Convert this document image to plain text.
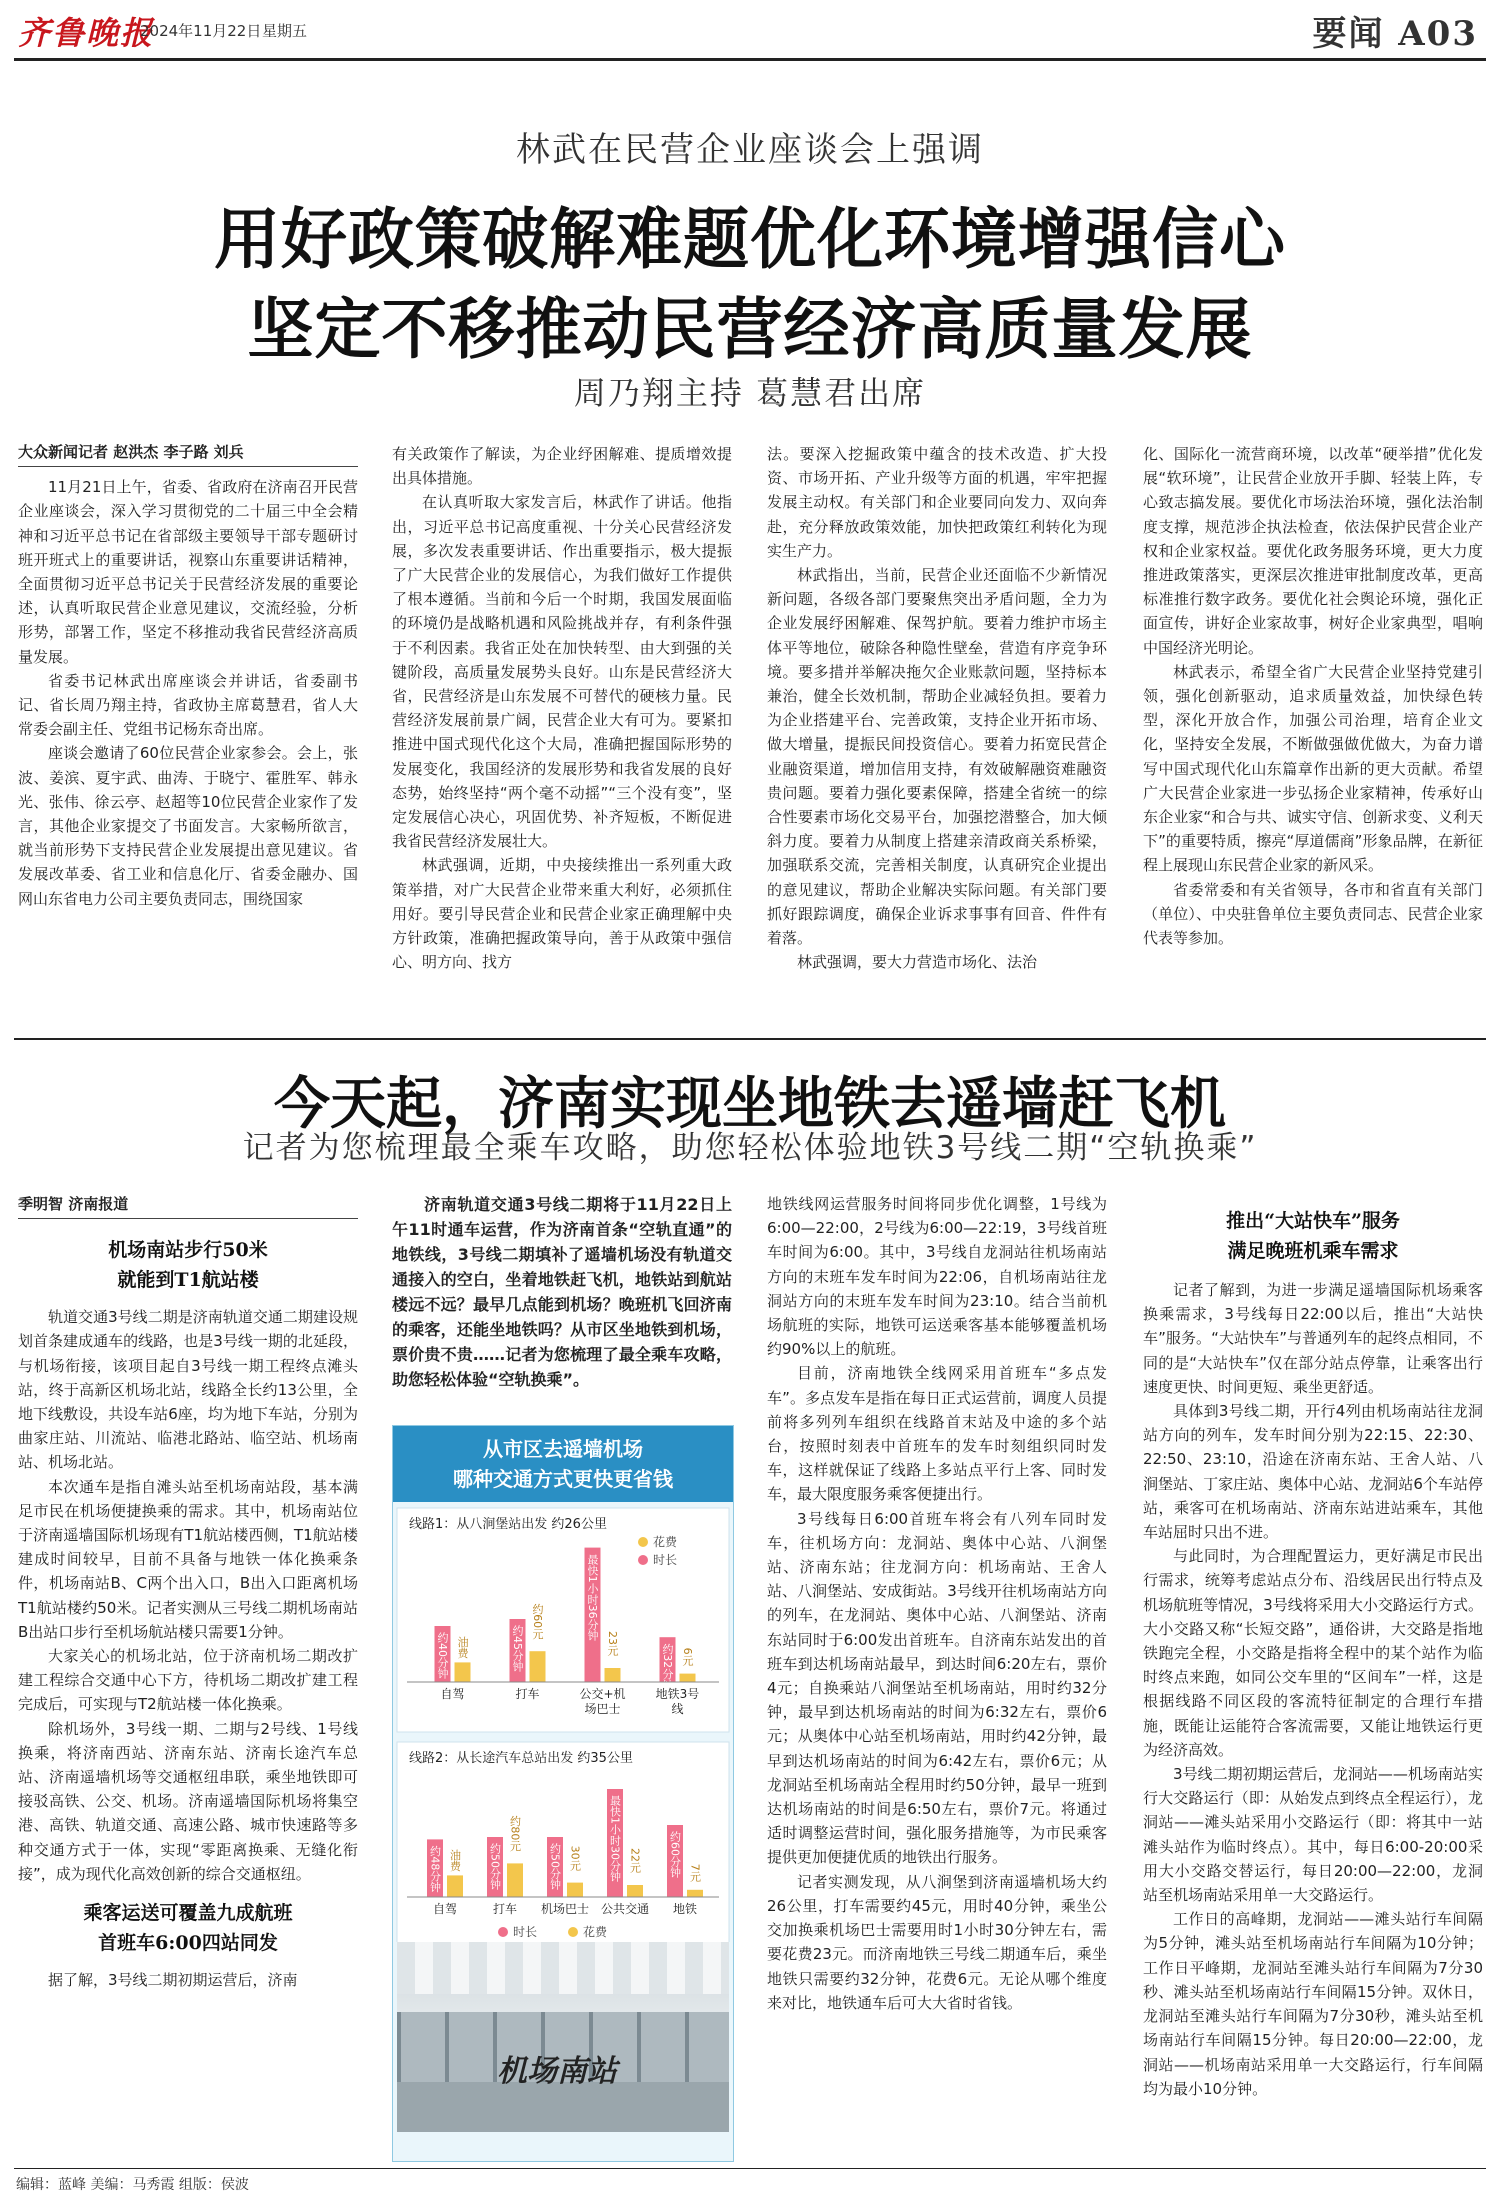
齐鲁晚报
2024年11月22日 星期五	要闻 A03
林武在民营企业座谈会上强调
用好政策破解难题优化环境增强信心
坚定不移推动民营经济高质量发展
周乃翔主持 葛慧君出席

大众新闻记者 赵洪杰 李子路 刘兵

11月21日上午，省委、省政府在济南召开民营企业座谈会，深入学习贯彻党的二十届三中全会精神和习近平总书记在省部级主要领导干部专题研讨班开班式上的重要讲话，视察山东重要讲话精神，全面贯彻习近平总书记关于民营经济发展的重要论述，认真听取民营企业意见建议，交流经验，分析形势，部署工作，坚定不移推动我省民营经济高质量发展。

省委书记林武出席座谈会并讲话，省委副书记、省长周乃翔主持，省政协主席葛慧君，省人大常委会副主任、党组书记杨东奇出席。

座谈会邀请了60位民营企业家参会。会上，张波、姜滨、夏宇武、曲涛、于晓宁、霍胜军、韩永光、张伟、徐云亭、赵超等10位民营企业家作了发言，其他企业家提交了书面发言。大家畅所欲言，就当前形势下支持民营企业发展提出意见建议。省发展改革委、省工业和信息化厅、省委金融办、国网山东省电力公司主要负责同志，围绕国家

有关政策作了解读，为企业纾困解难、提质增效提出具体措施。

在认真听取大家发言后，林武作了讲话。他指出，习近平总书记高度重视、十分关心民营经济发展，多次发表重要讲话、作出重要指示，极大提振了广大民营企业的发展信心，为我们做好工作提供了根本遵循。当前和今后一个时期，我国发展面临的环境仍是战略机遇和风险挑战并存，有利条件强于不利因素。我省正处在加快转型、由大到强的关键阶段，高质量发展势头良好。山东是民营经济大省，民营经济是山东发展不可替代的硬核力量。民营经济发展前景广阔，民营企业大有可为。要紧扣推进中国式现代化这个大局，准确把握国际形势的发展变化，我国经济的发展形势和我省发展的良好态势，始终坚持“两个毫不动摇”“三个没有变”，坚定发展信心决心，巩固优势、补齐短板，不断促进我省民营经济发展壮大。

林武强调，近期，中央接续推出一系列重大政策举措，对广大民营企业带来重大利好，必须抓住用好。要引导民营企业和民营企业家正确理解中央方针政策，准确把握政策导向，善于从政策中强信心、明方向、找方

法。要深入挖掘政策中蕴含的技术改造、扩大投资、市场开拓、产业升级等方面的机遇，牢牢把握发展主动权。有关部门和企业要同向发力、双向奔赴，充分释放政策效能，加快把政策红利转化为现实生产力。

林武指出，当前，民营企业还面临不少新情况新问题，各级各部门要聚焦突出矛盾问题，全力为企业发展纾困解难、保驾护航。要着力维护市场主体平等地位，破除各种隐性壁垒，营造有序竞争环境。要多措并举解决拖欠企业账款问题，坚持标本兼治，健全长效机制，帮助企业减轻负担。要着力为企业搭建平台、完善政策，支持企业开拓市场、做大增量，提振民间投资信心。要着力拓宽民营企业融资渠道，增加信用支持，有效破解融资难融资贵问题。要着力强化要素保障，搭建全省统一的综合性要素市场化交易平台，加强挖潜整合，加大倾斜力度。要着力从制度上搭建亲清政商关系桥梁，加强联系交流，完善相关制度，认真研究企业提出的意见建议，帮助企业解决实际问题。有关部门要抓好跟踪调度，确保企业诉求事事有回音、件件有着落。

林武强调，要大力营造市场化、法治

化、国际化一流营商环境，以改革“硬举措”优化发展“软环境”，让民营企业放开手脚、轻装上阵，专心致志搞发展。要优化市场法治环境，强化法治制度支撑，规范涉企执法检查，依法保护民营企业产权和企业家权益。要优化政务服务环境，更大力度推进政策落实，更深层次推进审批制度改革，更高标准推行数字政务。要优化社会舆论环境，强化正面宣传，讲好企业家故事，树好企业家典型，唱响中国经济光明论。

林武表示，希望全省广大民营企业坚持党建引领，强化创新驱动，追求质量效益，加快绿色转型，深化开放合作，加强公司治理，培育企业文化，坚持安全发展，不断做强做优做大，为奋力谱写中国式现代化山东篇章作出新的更大贡献。希望广大民营企业家进一步弘扬企业家精神，传承好山东企业家“和合与共、诚实守信、创新求变、义利天下”的重要特质，擦亮“厚道儒商”形象品牌，在新征程上展现山东民营企业家的新风采。

省委常委和有关省领导，各市和省直有关部门（单位）、中央驻鲁单位主要负责同志、民营企业家代表等参加。

今天起，济南实现坐地铁去遥墙赶飞机
记者为您梳理最全乘车攻略，助您轻松体验地铁3号线二期“空轨换乘”

季明智 济南报道

机场南站步行50米
就能到T1航站楼

轨道交通3号线二期是济南轨道交通二期建设规划首条建成通车的线路，也是3号线一期的北延段，与机场衔接，该项目起自3号线一期工程终点滩头站，终于高新区机场北站，线路全长约13公里，全地下线敷设，共设车站6座，均为地下车站，分别为曲家庄站、川流站、临港北路站、临空站、机场南站、机场北站。

本次通车是指自滩头站至机场南站段，基本满足市民在机场便捷换乘的需求。其中，机场南站位于济南遥墙国际机场现有T1航站楼西侧，T1航站楼建成时间较早，目前不具备与地铁一体化换乘条件，机场南站B、C两个出入口，B出入口距离机场T1航站楼约50米。记者实测从三号线二期机场南站B出站口步行至机场航站楼只需要1分钟。

大家关心的机场北站，位于济南机场二期改扩建工程综合交通中心下方，待机场二期改扩建工程完成后，可实现与T2航站楼一体化换乘。

除机场外，3号线一期、二期与2号线、1号线换乘，将济南西站、济南东站、济南长途汽车总站、济南遥墙机场等交通枢纽串联，乘坐地铁即可接驳高铁、公交、机场。济南遥墙国际机场将集空港、高铁、轨道交通、高速公路、城市快速路等多种交通方式于一体，实现“零距离换乘、无缝化衔接”，成为现代化高效创新的综合交通枢纽。

乘客运送可覆盖九成航班
首班车6:00四站同发

据了解，3号线二期初期运营后，济南

济南轨道交通3号线二期将于11月22日上午11时通车运营，作为济南首条“空轨直通”的地铁线，3号线二期填补了遥墙机场没有轨道交通接入的空白，坐着地铁赶飞机，地铁站到航站楼远不远？最早几点能到机场？晚班机飞回济南的乘客，还能坐地铁吗？从市区坐地铁到机场，票价贵不贵……记者为您梳理了最全乘车攻略，助您轻松体验“空轨换乘”。

从市区去遥墙机场
哪种交通方式更快更省钱
线路1：从八涧堡站出发 约26公里
约40分钟 油费
自驾
约45分钟
约60元
打车
最快1小时36分钟
23元
公交+机
场巴士
约32分钟 6元
地铁3号
线
花费
时长
线路2：从长途汽车总站出发 约35公里
约48分钟 油费
自驾
约50分钟
约80元
打车
约50分钟 30元
机场巴士
最快1小时30分钟 22元
公共交通
约60分钟 7元
地铁
时长	花费
机场南站

地铁线网运营服务时间将同步优化调整，1号线为6:00—22:00，2号线为6:00—22:19，3号线首班车时间为6:00。其中，3号线自龙洞站往机场南站方向的末班车发车时间为22:06，自机场南站往龙洞站方向的末班车发车时间为23:10。结合当前机场航班的实际，地铁可运送乘客基本能够覆盖机场约90%以上的航班。

目前，济南地铁全线网采用首班车“多点发车”。多点发车是指在每日正式运营前，调度人员提前将多列列车组织在线路首末站及中途的多个站台，按照时刻表中首班车的发车时刻组织同时发车，这样就保证了线路上多站点平行上客、同时发车，最大限度服务乘客便捷出行。

3号线每日6:00首班车将会有八列车同时发车，往机场方向：龙洞站、奥体中心站、八涧堡站、济南东站；往龙洞方向：机场南站、王舍人站、八涧堡站、安成街站。3号线开往机场南站方向的列车，在龙洞站、奥体中心站、八涧堡站、济南东站同时于6:00发出首班车。自济南东站发出的首班车到达机场南站最早，到达时间6:20左右，票价4元；自换乘站八涧堡站至机场南站，用时约32分钟，最早到达机场南站的时间为6:32左右，票价6元；从奥体中心站至机场南站，用时约42分钟，最早到达机场南站的时间为6:42左右，票价6元；从龙洞站至机场南站全程用时约50分钟，最早一班到达机场南站的时间是6:50左右，票价7元。将通过适时调整运营时间，强化服务措施等，为市民乘客提供更加便捷优质的地铁出行服务。

记者实测发现，从八涧堡到济南遥墙机场大约26公里，打车需要约45元，用时40分钟，乘坐公交加换乘机场巴士需要用时1小时30分钟左右，需要花费23元。而济南地铁三号线二期通车后，乘坐地铁只需要约32分钟，花费6元。无论从哪个维度来对比，地铁通车后可大大省时省钱。

推出“大站快车”服务
满足晚班机乘车需求

记者了解到，为进一步满足遥墙国际机场乘客换乘需求，3号线每日22:00以后，推出“大站快车”服务。“大站快车”与普通列车的起终点相同，不同的是“大站快车”仅在部分站点停靠，让乘客出行速度更快、时间更短、乘坐更舒适。

具体到3号线二期，开行4列由机场南站往龙洞站方向的列车，发车时间分别为22:15、22:30、22:50、23:10，沿途在济南东站、王舍人站、八涧堡站、丁家庄站、奥体中心站、龙洞站6个车站停站，乘客可在机场南站、济南东站进站乘车，其他车站屈时只出不进。

与此同时，为合理配置运力，更好满足市民出行需求，统筹考虑站点分布、沿线居民出行特点及机场航班等情况，3号线将采用大小交路运行方式。大小交路又称“长短交路”，通俗讲，大交路是指地铁跑完全程，小交路是指将全程中的某个站作为临时终点来跑，如同公交车里的“区间车”一样，这是根据线路不同区段的客流特征制定的合理行车措施，既能让运能符合客流需要，又能让地铁运行更为经济高效。

3号线二期初期运营后，龙洞站——机场南站实行大交路运行（即：从始发点到终点全程运行），龙洞站——滩头站采用小交路运行（即：将其中一站滩头站作为临时终点）。其中，每日6:00-20:00采用大小交路交替运行，每日20:00—22:00，龙洞站至机场南站采用单一大交路运行。

工作日的高峰期，龙洞站——滩头站行车间隔为5分钟，滩头站至机场南站行车间隔为10分钟；工作日平峰期，龙洞站至滩头站行车间隔为7分30秒、滩头站至机场南站行车间隔15分钟。双休日，龙洞站至滩头站行车间隔为7分30秒，滩头站至机场南站行车间隔15分钟。每日20:00—22:00，龙洞站——机场南站采用单一大交路运行，行车间隔均为最小10分钟。

编辑：蓝峰 美编：马秀霞 组版：侯波
